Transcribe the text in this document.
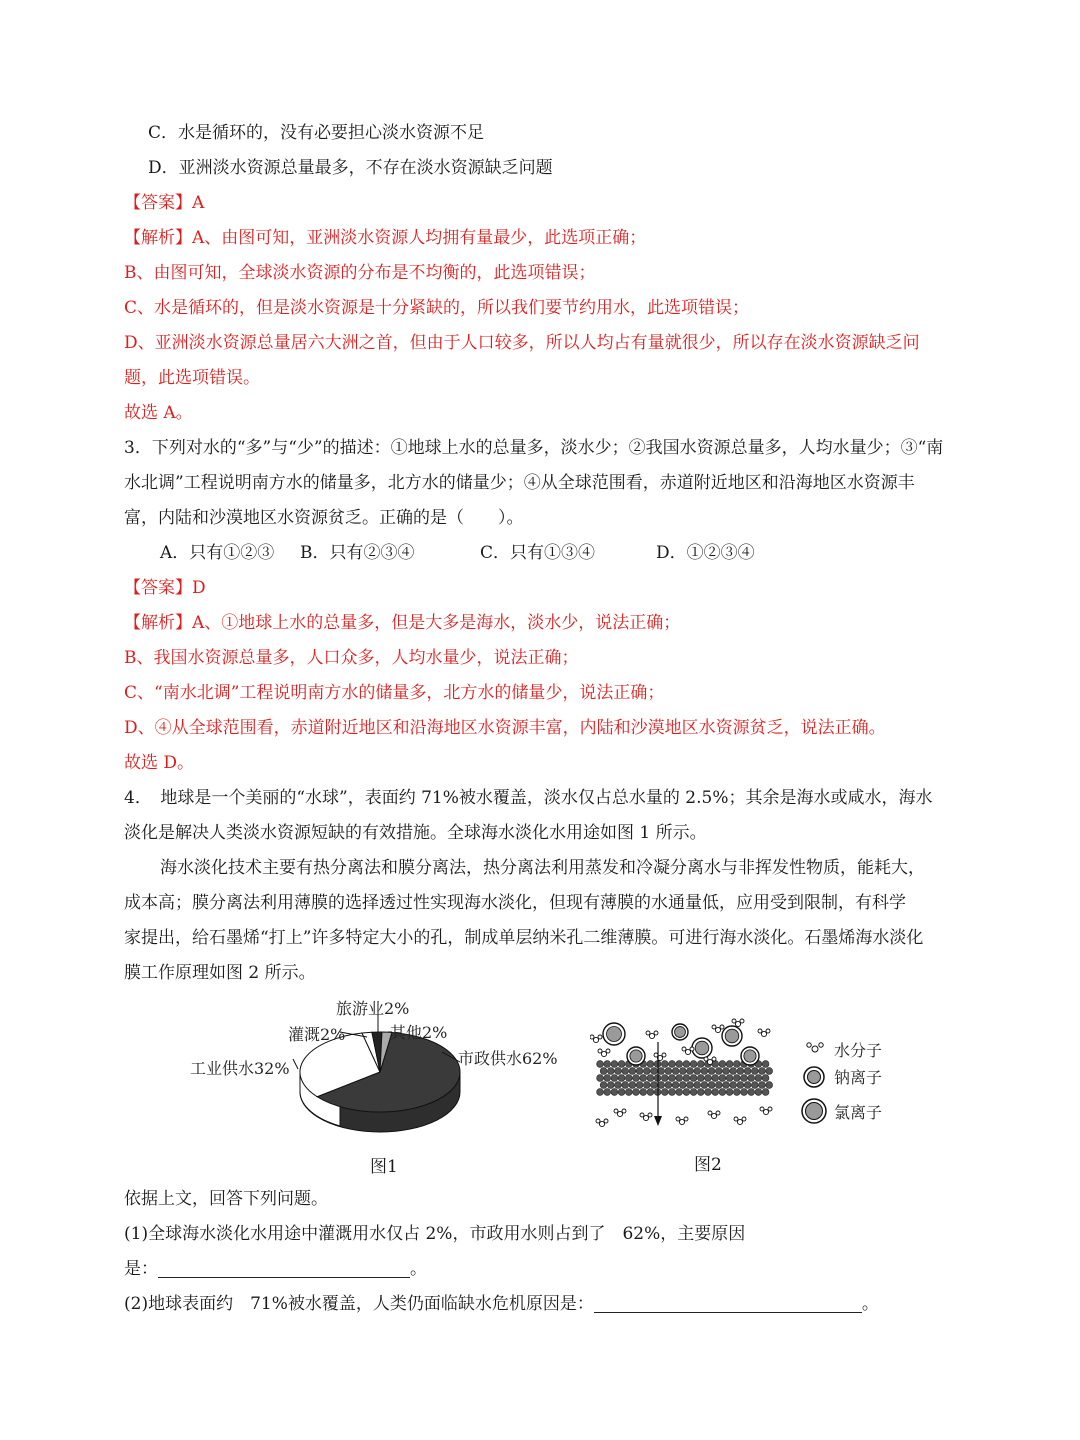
C．水是循环的，没有必要担心淡水资源不足
D．亚洲淡水资源总量最多，不存在淡水资源缺乏问题
【答案】A
【解析】A、由图可知，亚洲淡水资源人均拥有量最少，此选项正确；
B、由图可知，全球淡水资源的分布是不均衡的，此选项错误；
C、水是循环的，但是淡水资源是十分紧缺的，所以我们要节约用水，此选项错误；
D、亚洲淡水资源总量居六大洲之首，但由于人口较多，所以人均占有量就很少，所以存在淡水资源缺乏问
题，此选项错误。
故选 A。
3．下列对水的“多”与“少”的描述：①地球上水的总量多，淡水少；②我国水资源总量多，人均水量少；③“南
水北调”工程说明南方水的储量多，北方水的储量少；④从全球范围看，赤道附近地区和沿海地区水资源丰
富，内陆和沙漠地区水资源贫乏。正确的是（　　）。
A．只有①②③ B．只有②③④	C．只有①③④	D．①②③④
【答案】D
【解析】A、①地球上水的总量多，但是大多是海水，淡水少，说法正确；
B、我国水资源总量多，人口众多，人均水量少，说法正确；
C、“南水北调”工程说明南方水的储量多，北方水的储量少，说法正确；
D、④从全球范围看，赤道附近地区和沿海地区水资源丰富，内陆和沙漠地区水资源贫乏，说法正确。
故选 D。
4．　地球是一个美丽的“水球”，表面约 71%被水覆盖，淡水仅占总水量的 2.5%；其余是海水或咸水，海水
淡化是解决人类淡水资源短缺的有效措施。全球海水淡化水用途如图 1 所示。
海水淡化技术主要有热分离法和膜分离法，热分离法利用蒸发和冷凝分离水与非挥发性物质，能耗大，
成本高；膜分离法利用薄膜的选择透过性实现海水淡化，但现有薄膜的水通量低，应用受到限制，有科学
家提出，给石墨烯“打上”许多特定大小的孔，制成单层纳米孔二维薄膜。可进行海水淡化。石墨烯海水淡化
膜工作原理如图 2 所示。
旅游业2%
灌溉2%	其他2%
工业供水32%
市政供水62%
图1
水分子
钠离子
氯离子
图2
依据上文，回答下列问题。
(1)全球海水淡化水用途中灌溉用水仅占 2%，市政用水则占到了　62%，主要原因
是：	。
(2)地球表面约　71%被水覆盖，人类仍面临缺水危机原因是：	。
